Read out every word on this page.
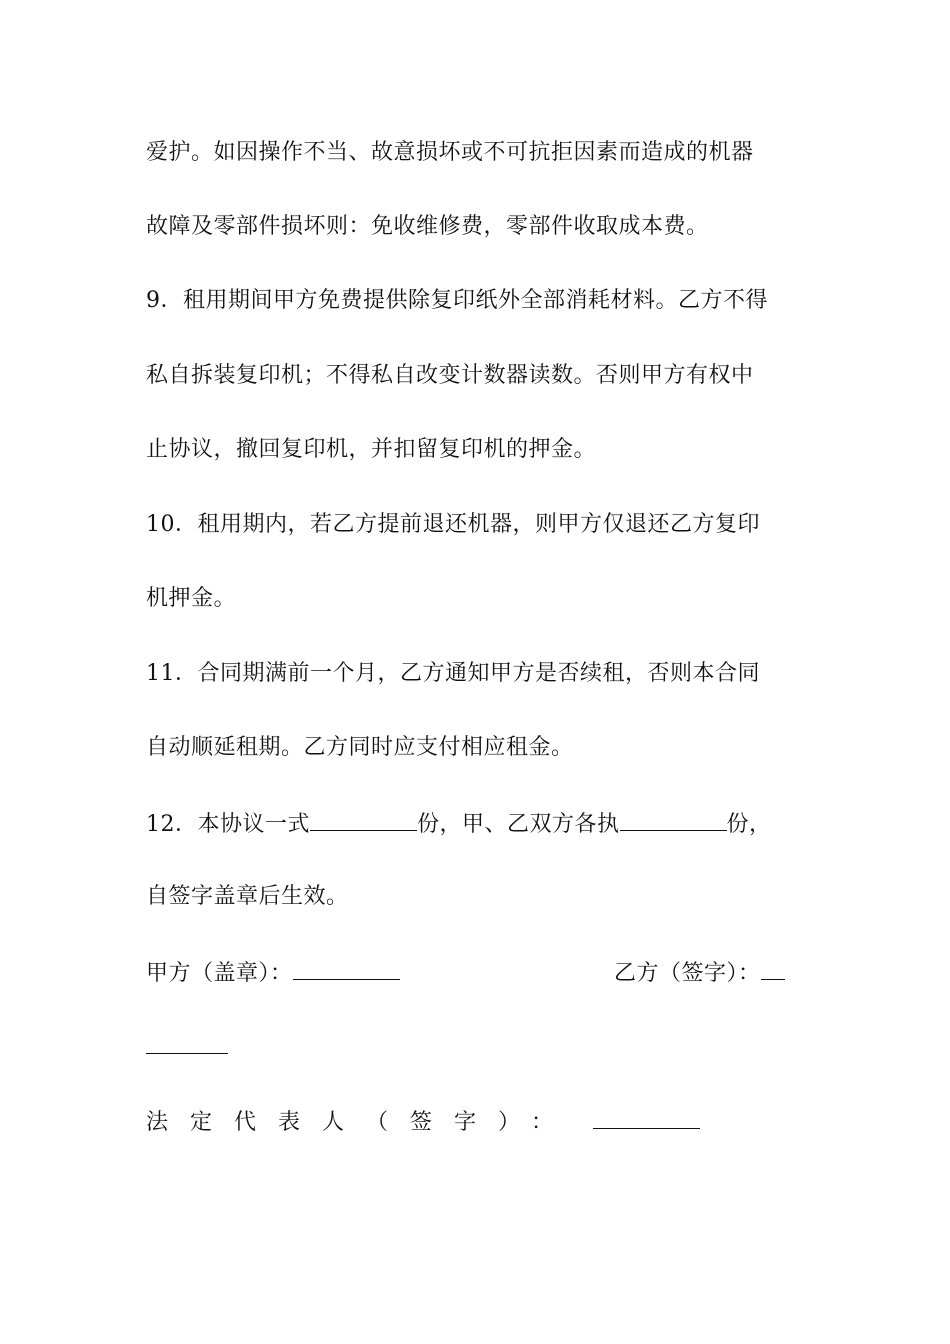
爱护。如因操作不当、故意损坏或不可抗拒因素而造成的机器
故障及零部件损坏则：免收维修费，零部件收取成本费。
9．租用期间甲方免费提供除复印纸外全部消耗材料。乙方不得
私自拆装复印机；不得私自改变计数器读数。否则甲方有权中
止协议，撤回复印机，并扣留复印机的押金。
10．租用期内，若乙方提前退还机器，则甲方仅退还乙方复印
机押金。
11．合同期满前一个月，乙方通知甲方是否续租，否则本合同
自动顺延租期。乙方同时应支付相应租金。
12．本协议一式	份，甲、乙双方各执	份，
自签字盖章后生效。
甲方（盖章）：	乙方（签字）：
法定代表人（签字）：
